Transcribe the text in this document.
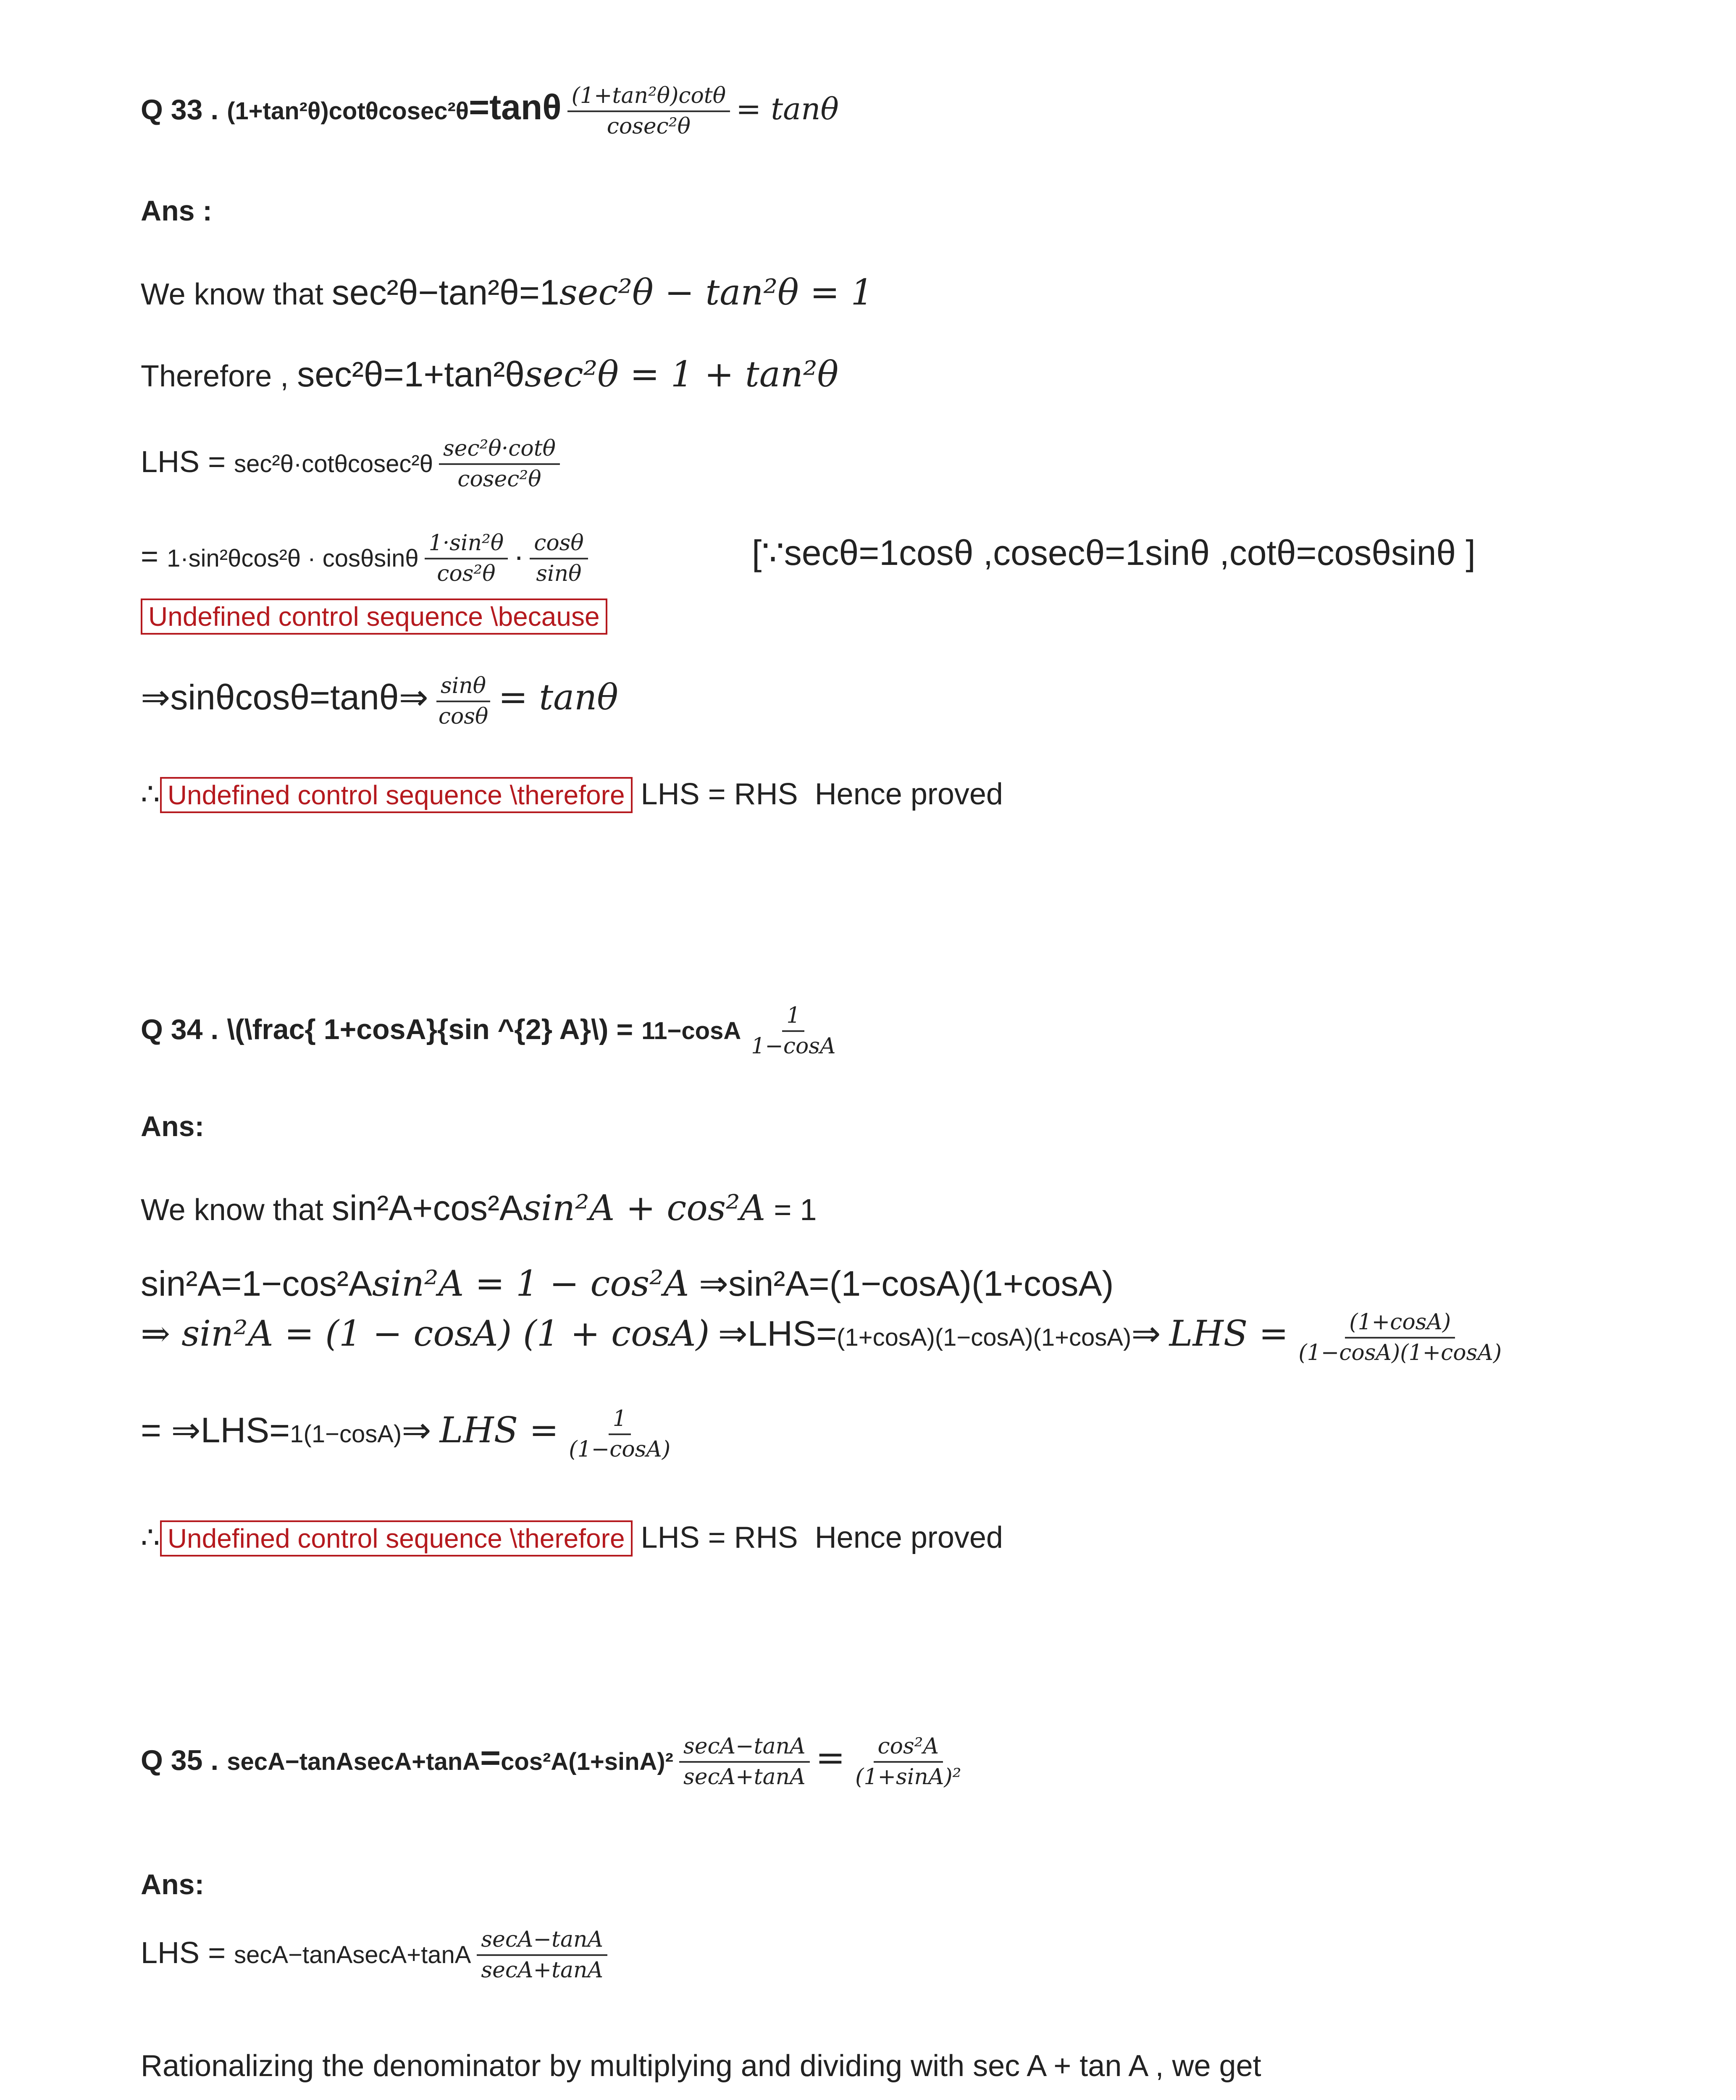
Q 33 . $(1+\tan^2\theta)\cot\theta cosec^2\theta=\tan\theta \frac{\text{(1+tan²θ)cotθ}}{\text{cosec²θ}} = \tan\theta$
Ans :
We know that sec²θ−tan²θ=1sec²θ − tan²θ = 1
Therefore , sec²θ=1+tan²θsec²θ = 1 + tan²θ
LHS = $\sec^2\theta\cdot\cot\theta cosec^2\theta \frac{\text{sec²θ·cotθ}}{\text{cosec²θ}}$
= 1·sin²θcos²θ · cosθsinθ $\frac{\text{1·sin²θ}}{\text{cos²θ}} \cdot \frac{\cos\theta}{\sin\theta}$	[∵secθ=1cosθ ,cosecθ=1sinθ ,cotθ=cosθsinθ ]
Undefined control sequence \because
⇒sinθcosθ=tanθ⇒ $\frac{\sin\theta}{\cos\theta} = \tan\theta$
∴ Undefined control sequence \therefore LHS = RHS Hence proved
Q 34 . \(\frac{ 1+cosA}{sin ^{2} A}\) = $11-\cos A \frac{1}{1-\cos A}$
Ans:
We know that sin²A+cos²Asin²A + cos²A = 1
sin²A=1−cos²Asin²A = 1 − cos²A ⇒sin²A=(1−cosA)(1+cosA)
⇒ sin²A = (1 − cosA) (1 + cosA) ⇒LHS=(1+cosA)(1−cosA)(1+cosA)⇒ LHS = $\frac{(1+\cos A)}{(1-\cos A)(1+\cos A)}$
= ⇒LHS=1(1−cosA)⇒ LHS = $\frac{1}{(1-\cos A)}$
∴ Undefined control sequence \therefore LHS = RHS Hence proved
Q 35 . secA−tanAsecA+tanA=cos²A(1+sinA)² $\frac{\sec A-\tan A}{\sec A+\tan A} = \frac{\text{cos²A}}{\text{(1+sinA)²}}$
Ans:
LHS = secA−tanAsecA+tanA $\frac{\sec A-\tan A}{\sec A+\tan A}$
Rationalizing the denominator by multiplying and dividing with sec A + tan A , we get
